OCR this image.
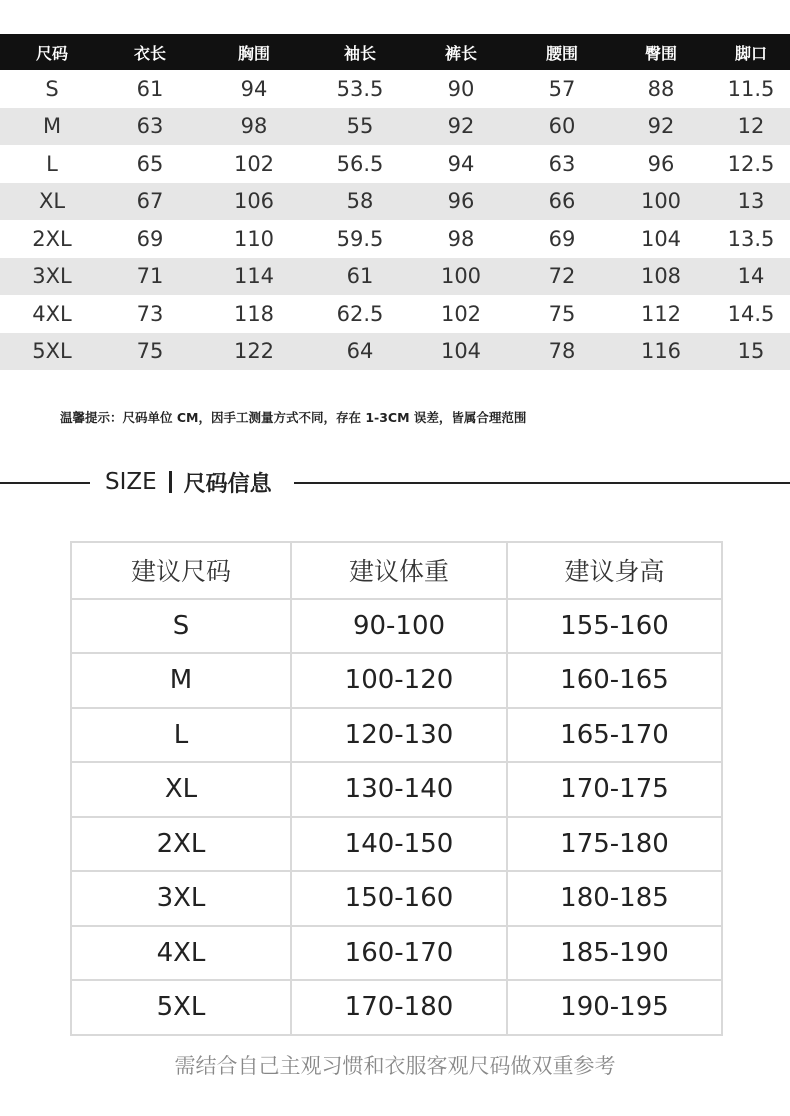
尺码	衣长	胸围	袖长	裤长	腰围	臀围	脚口
S	61	94	53.5	90	57	88	11.5
M	63	98	55	92	60	92	12
L	65	102	56.5	94	63	96	12.5
XL	67	106	58	96	66	100	13
2XL	69	110	59.5	98	69	104	13.5
3XL	71	114	61	100	72	108	14
4XL	73	118	62.5	102	75	112	14.5
5XL	75	122	64	104	78	116	15
温馨提示：尺码单位 CM，因手工测量方式不同，存在 1-3CM 误差，皆属合理范围
SIZE 尺码信息
建议尺码	建议体重	建议身高
S	90-100	155-160
M	100-120	160-165
L	120-130	165-170
XL	130-140	170-175
2XL	140-150	175-180
3XL	150-160	180-185
4XL	160-170	185-190
5XL	170-180	190-195
需结合自己主观习惯和衣服客观尺码做双重参考
